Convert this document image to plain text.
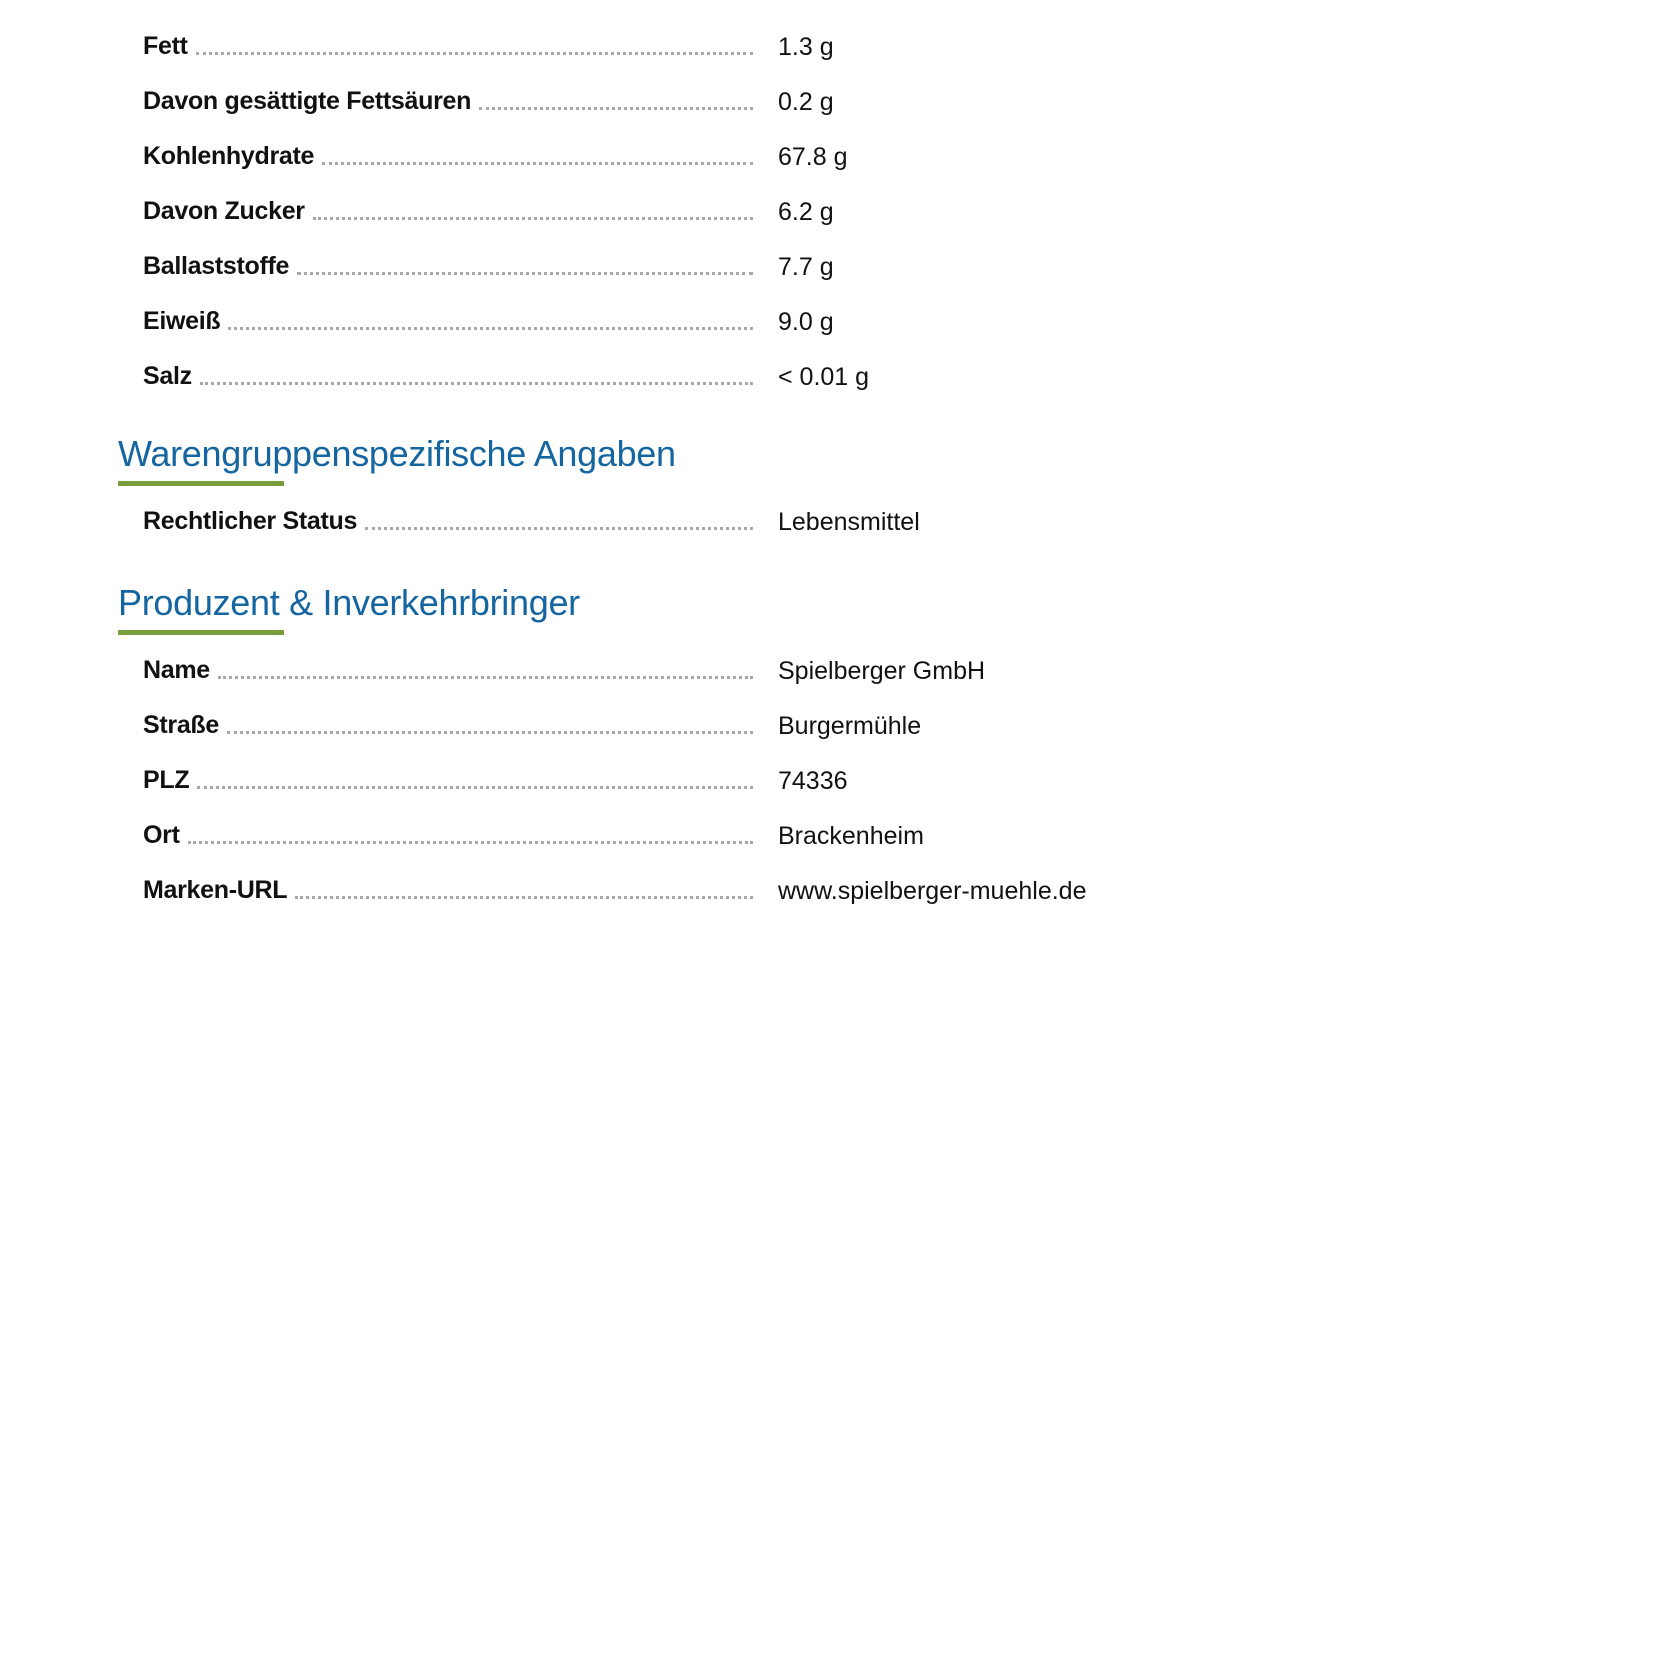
Fett	1.3 g
Davon gesättigte Fettsäuren	0.2 g
Kohlenhydrate	67.8 g
Davon Zucker	6.2 g
Ballaststoffe	7.7 g
Eiweiß	9.0 g
Salz	< 0.01 g
Warengruppenspezifische Angaben
Rechtlicher Status	Lebensmittel
Produzent & Inverkehrbringer
Name	Spielberger GmbH
Straße	Burgermühle
PLZ	74336
Ort	Brackenheim
Marken-URL	www.spielberger-muehle.de
